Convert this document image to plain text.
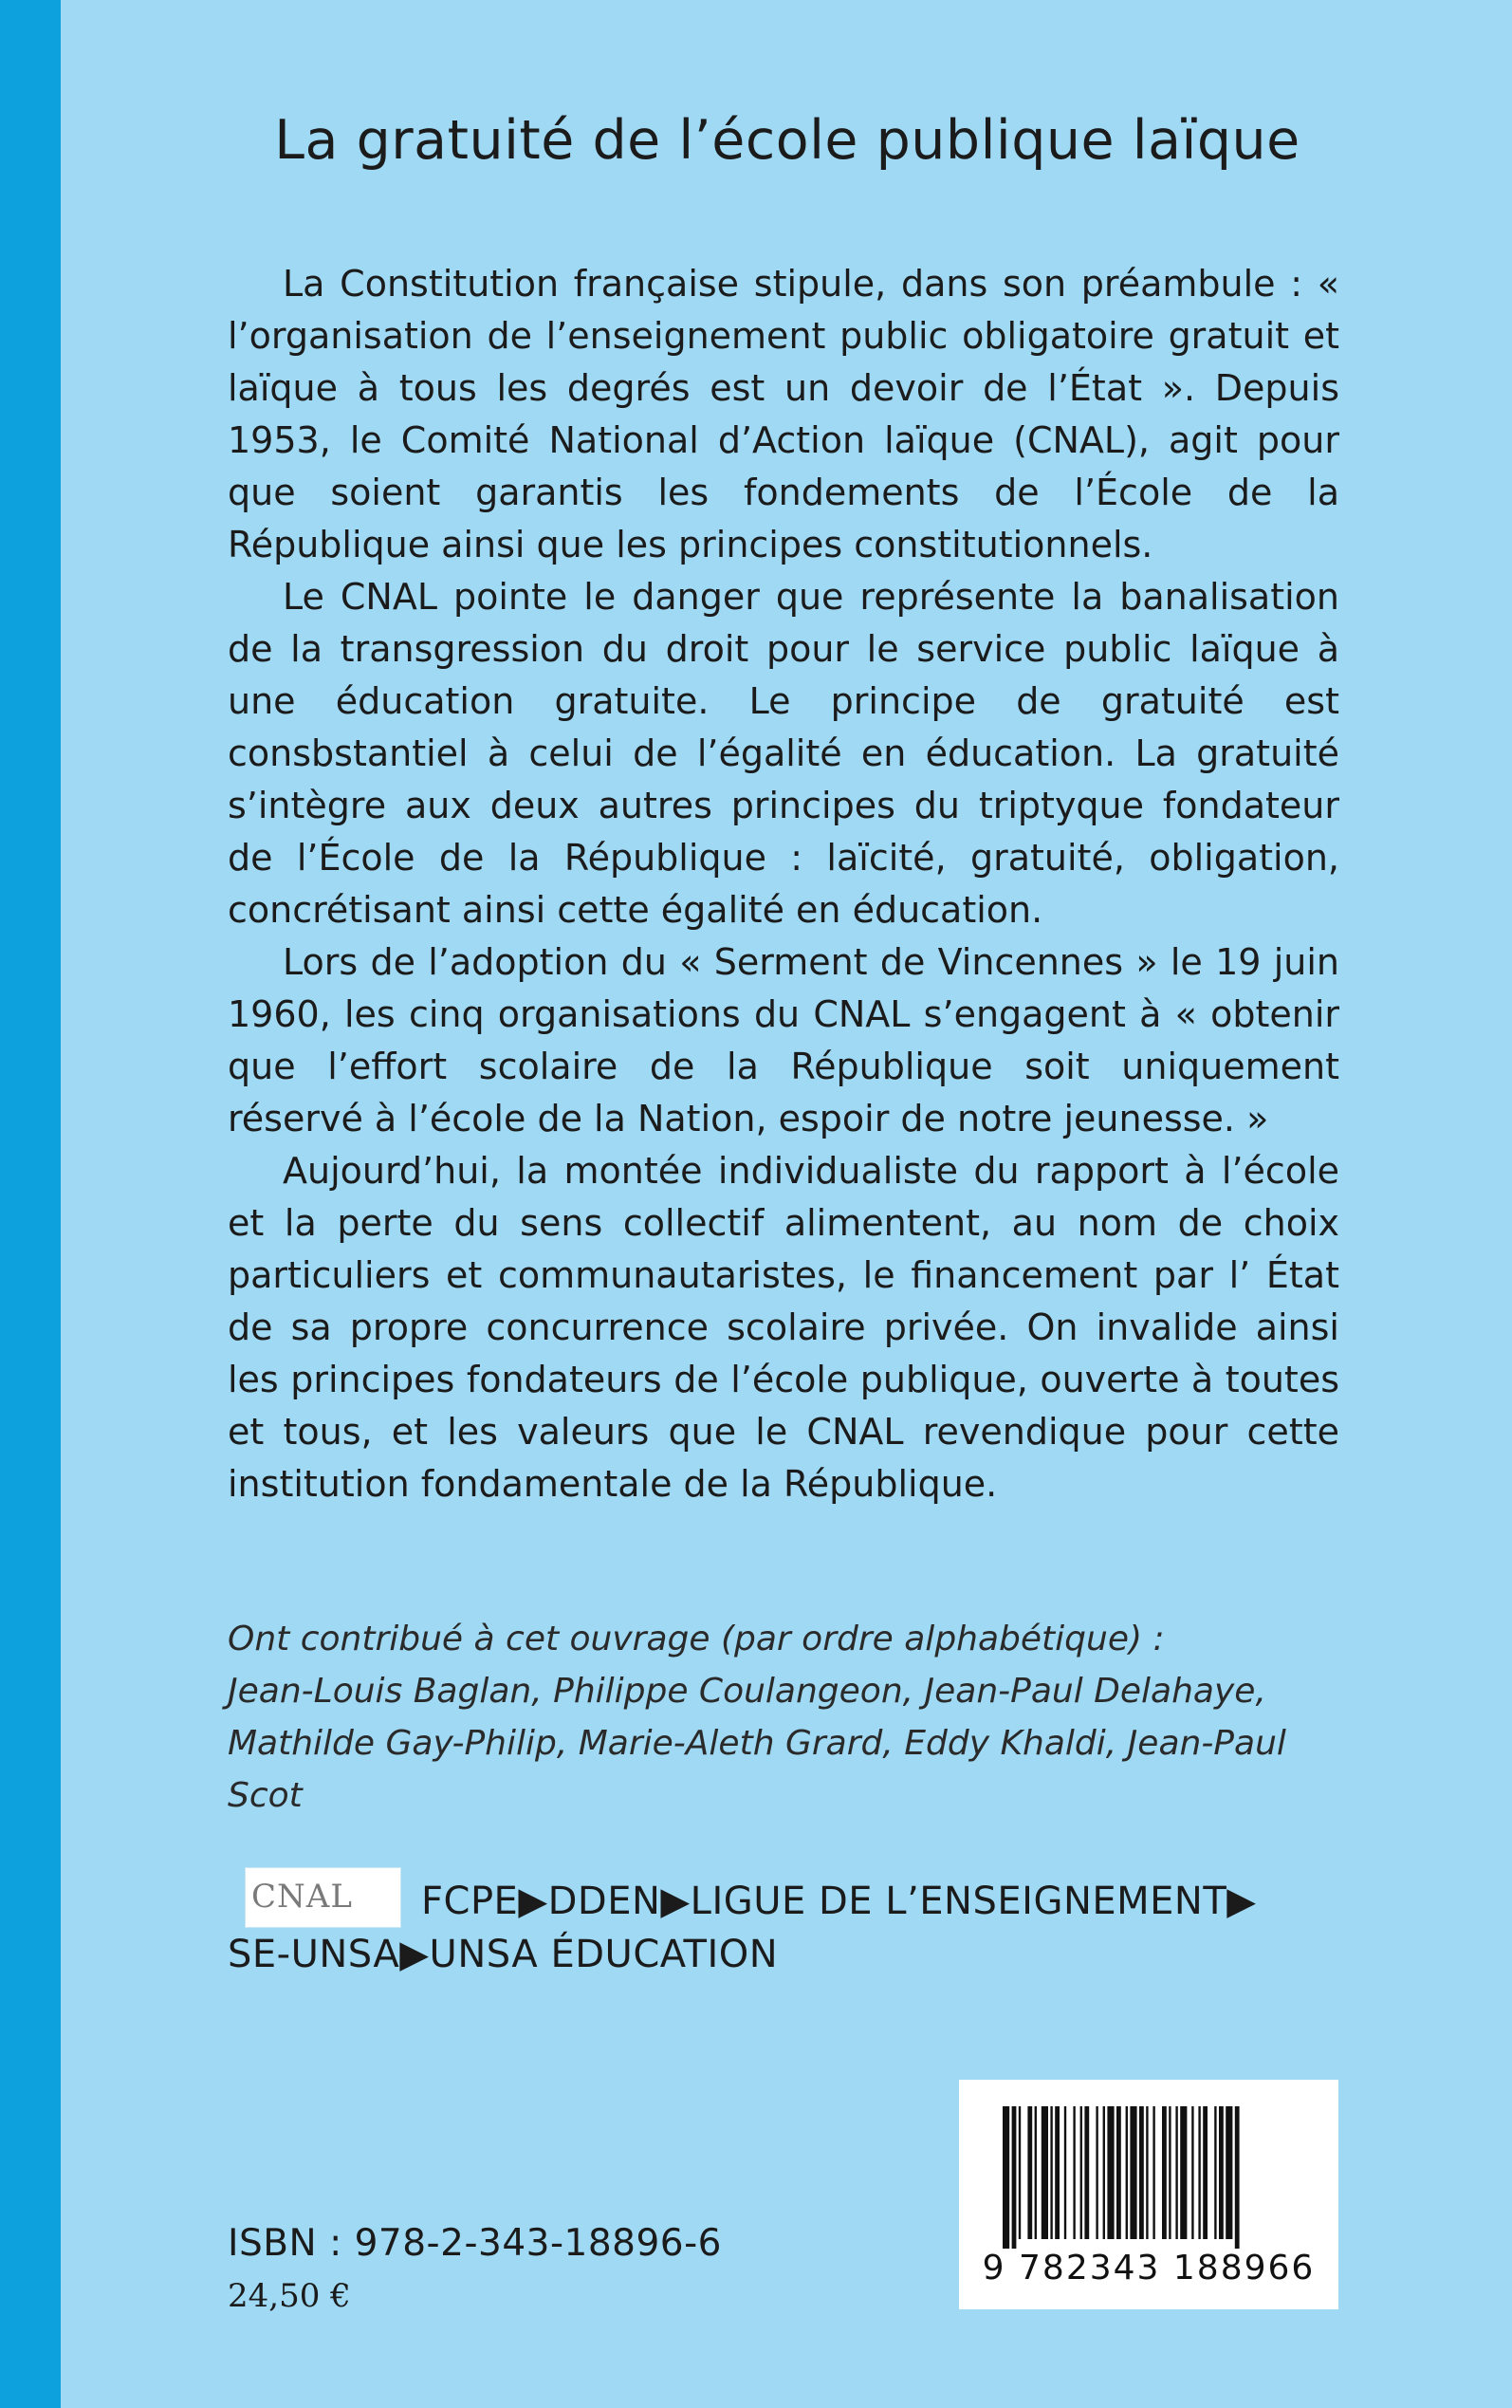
La gratuité de l’école publique laïque

La Constitution française stipule, dans son préambule : « l’organisation de l’enseignement public obligatoire gratuit et laïque à tous les degrés est un devoir de l’État ». Depuis 1953, le Comité National d’Action laïque (CNAL), agit pour que soient garantis les fondements de l’École de la République ainsi que les principes constitutionnels.

Le CNAL pointe le danger que représente la banalisation de la transgression du droit pour le service public laïque à une éducation gratuite. Le principe de gratuité est consbstantiel à celui de l’égalité en éducation. La gratuité s’intègre aux deux autres principes du triptyque fondateur de l’École de la République : laïcité, gratuité, obligation, concrétisant ainsi cette égalité en éducation.

Lors de l’adoption du « Serment de Vincennes » le 19 juin 1960, les cinq organisations du CNAL s’engagent à « obtenir que l’effort scolaire de la République soit uniquement réservé à l’école de la Nation, espoir de notre jeunesse. »

Aujourd’hui, la montée individualiste du rapport à l’école et la perte du sens collectif alimentent, au nom de choix particuliers et communautaristes, le financement par l’ État de sa propre concurrence scolaire privée. On invalide ainsi les principes fondateurs de l’école publique, ouverte à toutes et tous, et les valeurs que le CNAL revendique pour cette institution fondamentale de la République.

Ont contribué à cet ouvrage (par ordre alphabétique) :

Jean-Louis Baglan, Philippe Coulangeon, Jean-Paul Delahaye, Mathilde Gay-Philip, Marie-Aleth Grard, Eddy Khaldi, Jean-Paul Scot
CNAL	FCPE▶DDEN▶LIGUE DE L’ENSEIGNEMENT▶
SE-UNSA▶UNSA ÉDUCATION
9 782343 188966
ISBN : 978-2-343-18896-6
24,50 €
